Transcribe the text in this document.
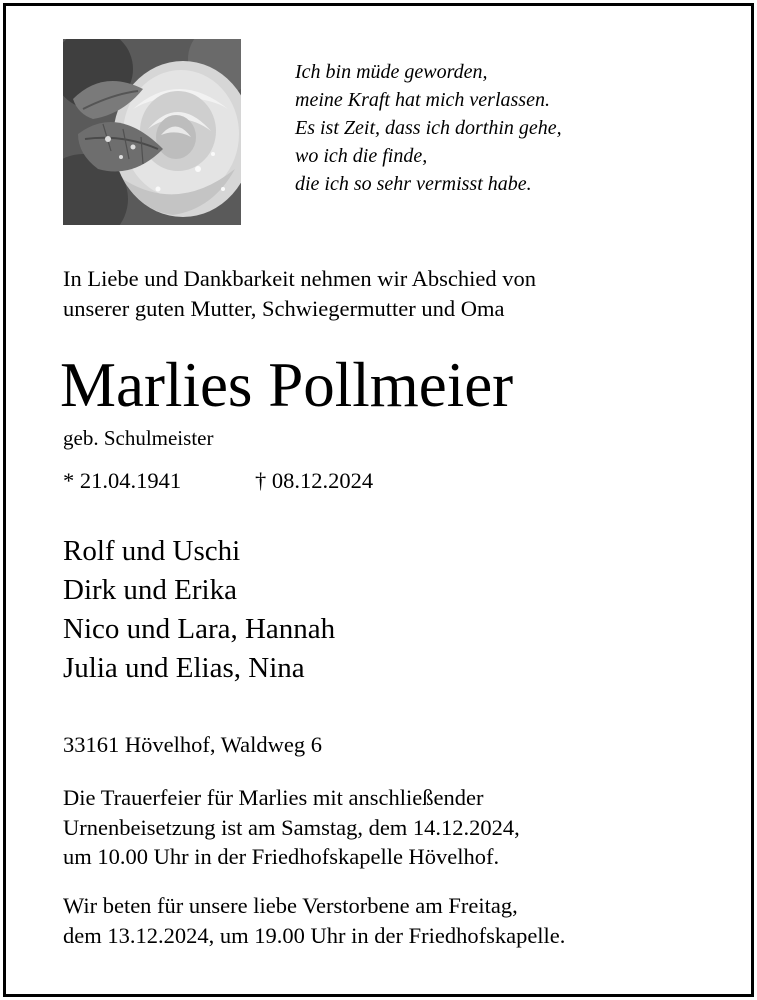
Ich bin müde geworden,
meine Kraft hat mich verlassen.
Es ist Zeit, dass ich dorthin gehe,
wo ich die finde,
die ich so sehr vermisst habe.
In Liebe und Dankbarkeit nehmen wir Abschied von
unserer guten Mutter, Schwiegermutter und Oma
Marlies Pollmeier
geb. Schulmeister
* 21.04.1941	† 08.12.2024
Rolf und Uschi
Dirk und Erika
Nico und Lara, Hannah
Julia und Elias, Nina
33161 Hövelhof, Waldweg 6
Die Trauerfeier für Marlies mit anschließender
Urnenbeisetzung ist am Samstag, dem 14.12.2024,
um 10.00 Uhr in der Friedhofskapelle Hövelhof.
Wir beten für unsere liebe Verstorbene am Freitag,
dem 13.12.2024, um 19.00 Uhr in der Friedhofskapelle.
